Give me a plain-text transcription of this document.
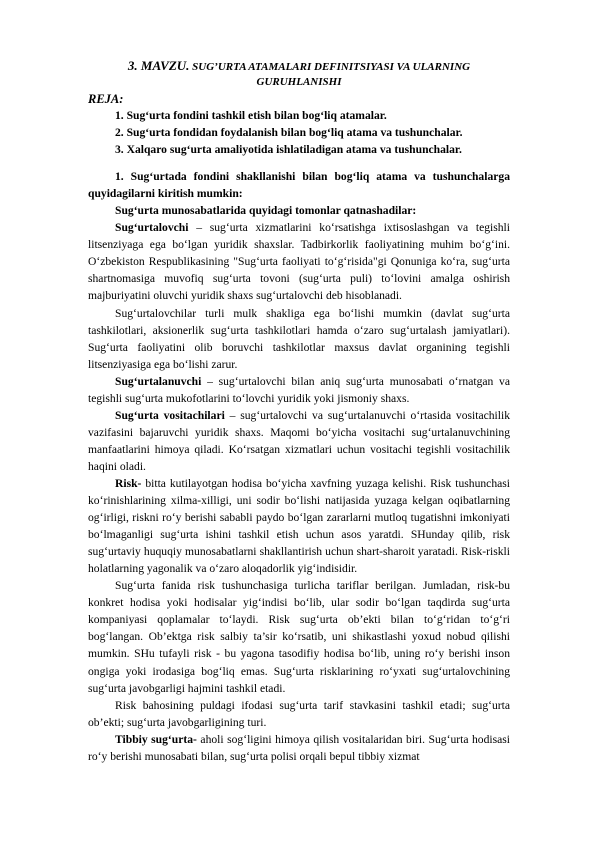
3. MAVZU. SUG’URTA ATAMALARI DEFINITSIYASI VA ULARNING GURUHLANISHI
REJA:
1. Sug‘urta fondini tashkil etish bilan bog‘liq atamalar.
2. Sug‘urta fondidan foydalanish bilan bog‘liq atama va tushunchalar.
3. Xalqaro sug‘urta amaliyotida ishlatiladigan atama va tushunchalar.

1. Sug‘urtada fondini shakllanishi bilan bog‘liq atama va tushunchalarga quyidagilarni kiritish mumkin:

Sug‘urta munosabatlarida quyidagi tomonlar qatnashadilar:

Sug‘urtalovchi – sug‘urta xizmatlarini ko‘rsatishga ixtisoslashgan va tegishli litsenziyaga ega bo‘lgan yuridik shaxslar. Tadbirkorlik faoliyatining muhim bo‘g‘ini. O‘zbekiston Respublikasining "Sug‘urta faoliyati to‘g‘risida"gi Qonuniga ko‘ra, sug‘urta shartnomasiga muvofiq sug‘urta tovoni (sug‘urta puli) to‘lovini amalga oshirish majburiyatini oluvchi yuridik shaxs sug‘urtalovchi deb hisoblanadi.

Sug‘urtalovchilar turli mulk shakliga ega bo‘lishi mumkin (davlat sug‘urta tashkilotlari, aksionerlik sug‘urta tashkilotlari hamda o‘zaro sug‘urtalash jamiyatlari). Sug‘urta faoliyatini olib boruvchi tashkilotlar maxsus davlat organining tegishli litsenziyasiga ega bo‘lishi zarur.

Sug‘urtalanuvchi – sug‘urtalovchi bilan aniq sug‘urta munosabati o‘rnatgan va tegishli sug‘urta mukofotlarini to‘lovchi yuridik yoki jismoniy shaxs.

Sug‘urta vositachilari – sug‘urtalovchi va sug‘urtalanuvchi o‘rtasida vositachilik vazifasini bajaruvchi yuridik shaxs. Maqomi bo‘yicha vositachi sug‘urtalanuvchining manfaatlarini himoya qiladi. Ko‘rsatgan xizmatlari uchun vositachi tegishli vositachilik haqini oladi.

Risk- bitta kutilayotgan hodisa bo‘yicha xavfning yuzaga kelishi. Risk tushunchasi ko‘rinishlarining xilma-xilligi, uni sodir bo‘lishi natijasida yuzaga kelgan oqibatlarning og‘irligi, riskni ro‘y berishi sababli paydo bo‘lgan zararlarni mutloq tugatishni imkoniyati bo‘lmaganligi sug‘urta ishini tashkil etish uchun asos yaratdi. SHunday qilib, risk sug‘urtaviy huquqiy munosabatlarni shakllantirish uchun shart-sharoit yaratadi. Risk-riskli holatlarning yagonalik va o‘zaro aloqadorlik yig‘indisidir.

Sug‘urta fanida risk tushunchasiga turlicha tariflar berilgan. Jumladan, risk-bu konkret hodisa yoki hodisalar yig‘indisi bo‘lib, ular sodir bo‘lgan taqdirda sug‘urta kompaniyasi qoplamalar to‘laydi. Risk sug‘urta ob’ekti bilan to‘g‘ridan to‘g‘ri bog‘langan. Ob’ektga risk salbiy ta’sir ko‘rsatib, uni shikastlashi yoxud nobud qilishi mumkin. SHu tufayli risk - bu yagona tasodifiy hodisa bo‘lib, uning ro‘y berishi inson ongiga yoki irodasiga bog‘liq emas. Sug‘urta risklarining ro‘yxati sug‘urtalovchining sug‘urta javobgarligi hajmini tashkil etadi.

Risk bahosining puldagi ifodasi sug‘urta tarif stavkasini tashkil etadi; sug‘urta ob’ekti; sug‘urta javobgarligining turi.

Tibbiy sug‘urta- aholi sog‘ligini himoya qilish vositalaridan biri. Sug‘urta hodisasi ro‘y berishi munosabati bilan, sug‘urta polisi orqali bepul tibbiy xizmat
